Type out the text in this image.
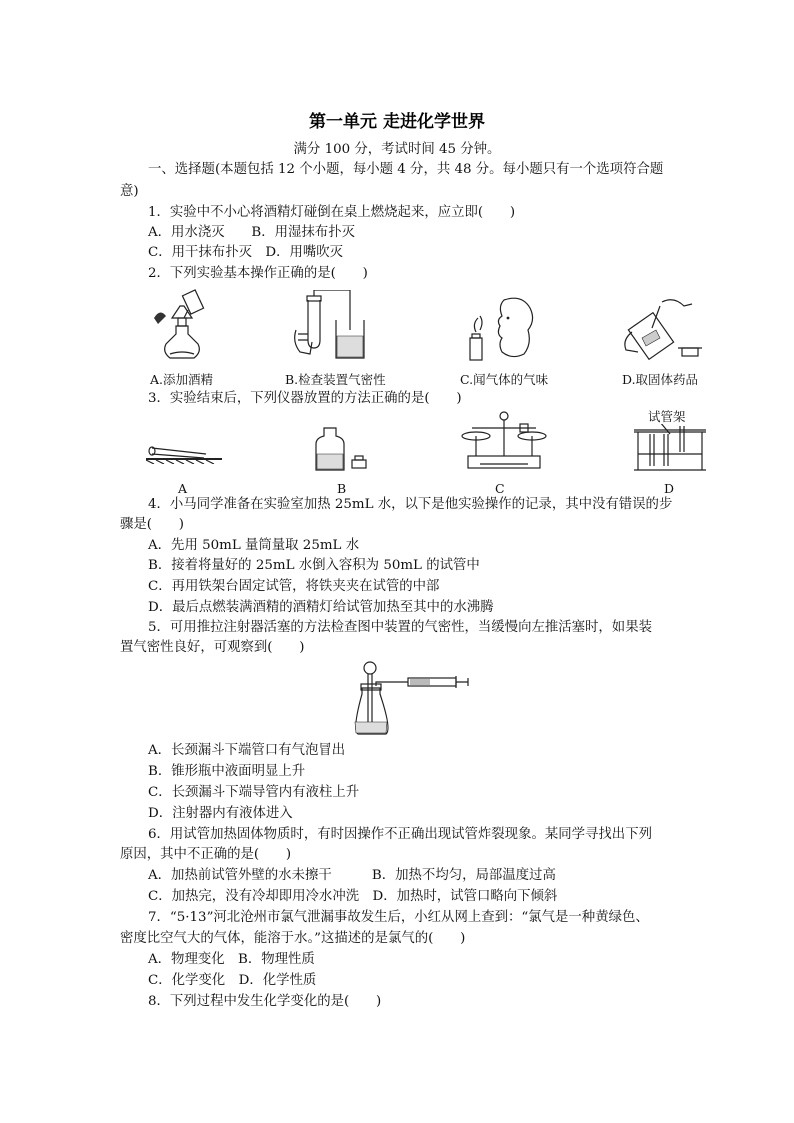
第一单元 走进化学世界
满分 100 分，考试时间 45 分钟。
一、选择题(本题包括 12 个小题，每小题 4 分，共 48 分。每小题只有一个选项符合题
意)
1．实验中不小心将酒精灯碰倒在桌上燃烧起来，应立即(　　)
A．用水浇灭　　B．用湿抹布扑灭
C．用干抹布扑灭　D．用嘴吹灭
2．下列实验基本操作正确的是(　　)
A.添加酒精	B.检查装置气密性	C.闻气体的气味	D.取固体药品
3．实验结束后，下列仪器放置的方法正确的是(　　)
A	B	C
试管架
D
4．小马同学准备在实验室加热 25mL 水，以下是他实验操作的记录，其中没有错误的步
骤是(　　)
A．先用 50mL 量筒量取 25mL 水
B．接着将量好的 25mL 水倒入容积为 50mL 的试管中
C．再用铁架台固定试管，将铁夹夹在试管的中部
D．最后点燃装满酒精的酒精灯给试管加热至其中的水沸腾
5．可用推拉注射器活塞的方法检查图中装置的气密性，当缓慢向左推活塞时，如果装
置气密性良好，可观察到(　　)
A．长颈漏斗下端管口有气泡冒出
B．锥形瓶中液面明显上升
C．长颈漏斗下端导管内有液柱上升
D．注射器内有液体进入
6．用试管加热固体物质时，有时因操作不正确出现试管炸裂现象。某同学寻找出下列
原因，其中不正确的是(　　)
A．加热前试管外壁的水未擦干　　　B．加热不均匀，局部温度过高
C．加热完，没有冷却即用冷水冲洗　D．加热时，试管口略向下倾斜
7．“5·13”河北沧州市氯气泄漏事故发生后，小红从网上查到：“氯气是一种黄绿色、
密度比空气大的气体，能溶于水。”这描述的是氯气的(　　)
A．物理变化　B．物理性质
C．化学变化　D．化学性质
8．下列过程中发生化学变化的是(　　)
